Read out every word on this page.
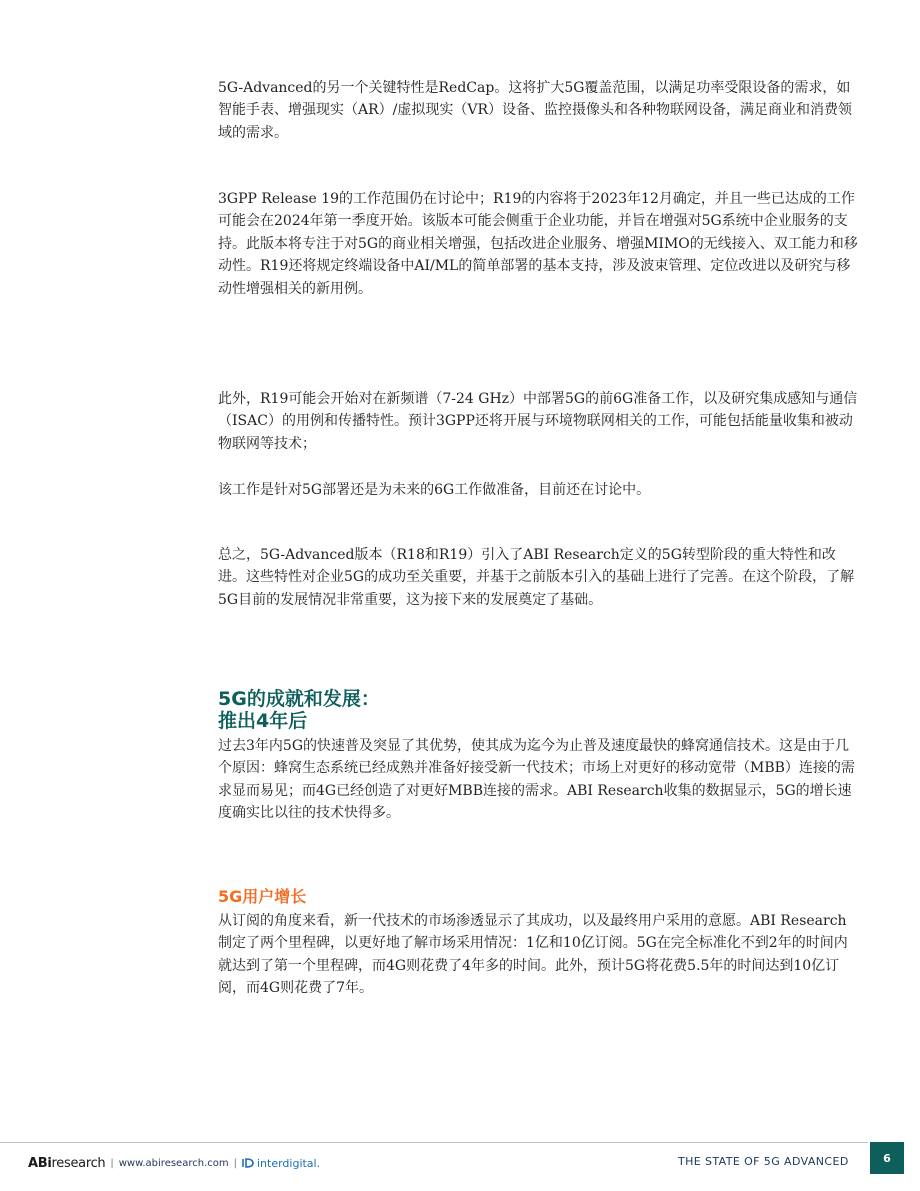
5G-Advanced的另一个关键特性是RedCap。这将扩大5G覆盖范围，以满足功率受限设备的需求，如智能手表、增强现实（AR）/虚拟现实（VR）设备、监控摄像头和各种物联网设备，满足商业和消费领域的需求。

3GPP Release 19的工作范围仍在讨论中；R19的内容将于2023年12月确定，并且一些已达成的工作可能会在2024年第一季度开始。该版本可能会侧重于企业功能，并旨在增强对5G系统中企业服务的支持。此版本将专注于对5G的商业相关增强，包括改进企业服务、增强MIMO的无线接入、双工能力和移动性。R19还将规定终端设备中AI/ML的简单部署的基本支持，涉及波束管理、定位改进以及研究与移动性增强相关的新用例。

此外，R19可能会开始对在新频谱（7-24 GHz）中部署5G的前6G准备工作，以及研究集成感知与通信（ISAC）的用例和传播特性。预计3GPP还将开展与环境物联网相关的工作，可能包括能量收集和被动物联网等技术；

该工作是针对5G部署还是为未来的6G工作做准备，目前还在讨论中。

总之，5G-Advanced版本（R18和R19）引入了ABI Research定义的5G转型阶段的重大特性和改进。这些特性对企业5G的成功至关重要，并基于之前版本引入的基础上进行了完善。在这个阶段，了解5G目前的发展情况非常重要，这为接下来的发展奠定了基础。

5G的成就和发展：
推出4年后

过去3年内5G的快速普及突显了其优势，使其成为迄今为止普及速度最快的蜂窝通信技术。这是由于几个原因：蜂窝生态系统已经成熟并准备好接受新一代技术；市场上对更好的移动宽带（MBB）连接的需求显而易见；而4G已经创造了对更好MBB连接的需求。ABI Research收集的数据显示，5G的增长速度确实比以往的技术快得多。

5G用户增长

从订阅的角度来看，新一代技术的市场渗透显示了其成功，以及最终用户采用的意愿。ABI Research制定了两个里程碑，以更好地了解市场采用情况：1亿和10亿订阅。5G在完全标准化不到2年的时间内就达到了第一个里程碑，而4G则花费了4年多的时间。此外，预计5G将花费5.5年的时间达到10亿订阅，而4G则花费了7年。

ABiresearch | www.abiresearch.com | interdigital.	THE STATE OF 5G ADVANCED	6
